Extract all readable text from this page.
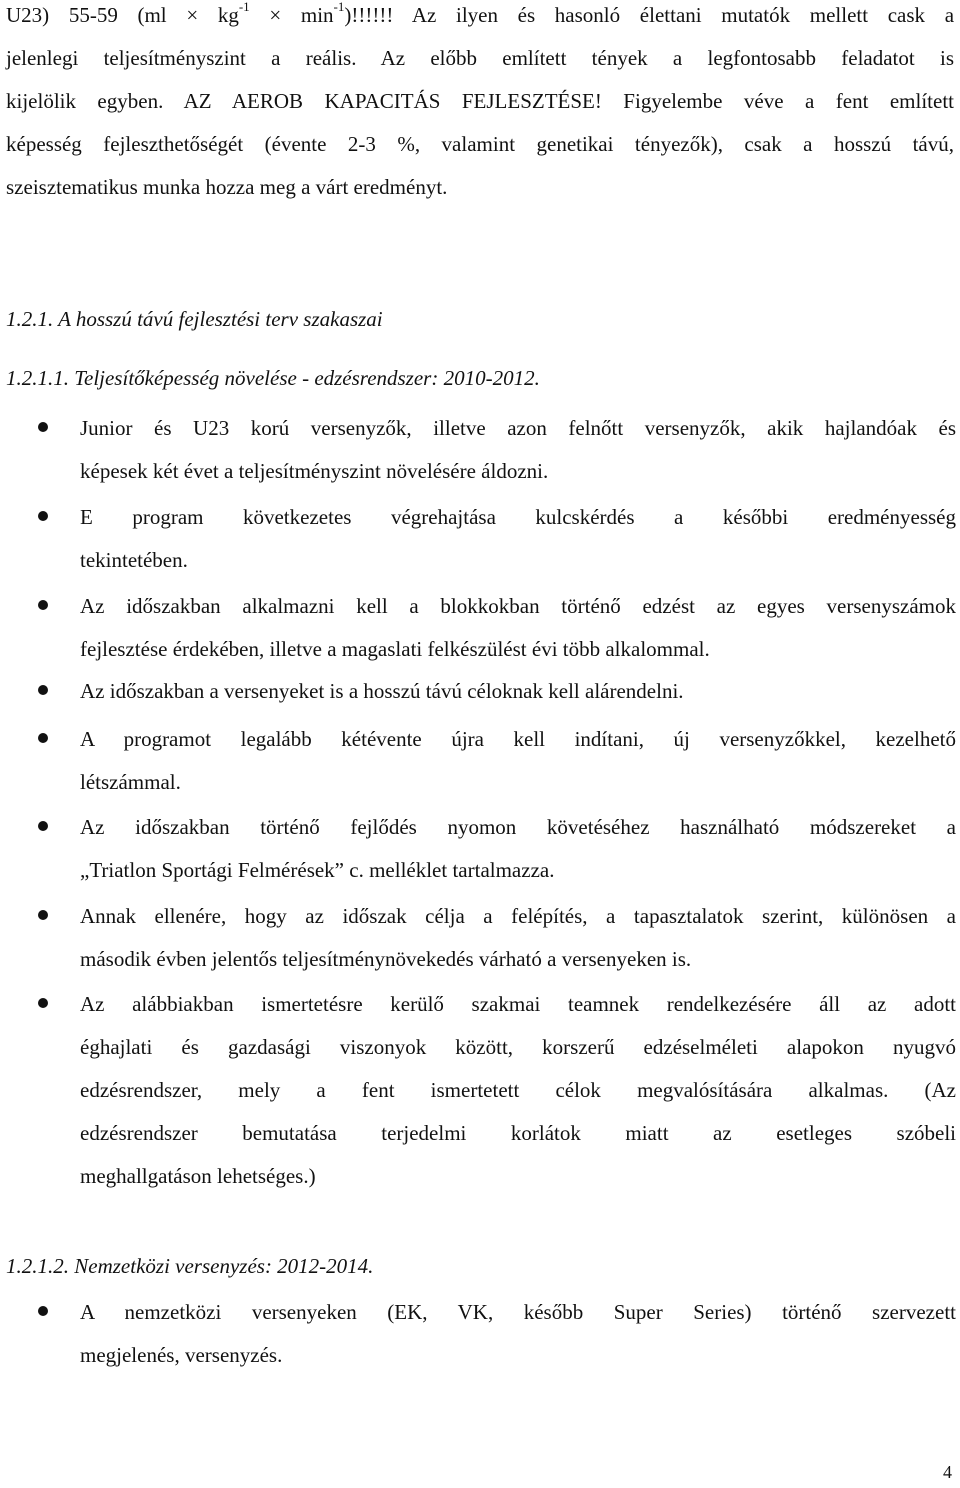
U23) 55-59 $(ml \times kg^{-1} \times \min^{-1})$!!!!!! Az ilyen és hasonló élettani mutatók mellett cask a
jelenlegi teljesítményszint a reális. Az előbb említett tények a legfontosabb feladatot is
kijelölik egyben. AZ AEROB KAPACITÁS FEJLESZTÉSE! Figyelembe véve a fent említett
képesség fejleszthetőségét (évente 2-3 %, valamint genetikai tényezők), csak a hosszú távú,
szeisztematikus munka hozza meg a várt eredményt.
1.2.1. A hosszú távú fejlesztési terv szakaszai
1.2.1.1. Teljesítőképesség növelése - edzésrendszer: 2010-2012.
Junior és U23 korú versenyzők, illetve azon felnőtt versenyzők, akik hajlandóak és
képesek két évet a teljesítményszint növelésére áldozni.
E program következetes végrehajtása kulcskérdés a későbbi eredményesség
tekintetében.
Az időszakban alkalmazni kell a blokkokban történő edzést az egyes versenyszámok
fejlesztése érdekében, illetve a magaslati felkészülést évi több alkalommal.
Az időszakban a versenyeket is a hosszú távú céloknak kell alárendelni.
A programot legalább kétévente újra kell indítani, új versenyzőkkel, kezelhető
létszámmal.
Az időszakban történő fejlődés nyomon követéséhez használható módszereket a
„Triatlon Sportági Felmérések” c. melléklet tartalmazza.
Annak ellenére, hogy az időszak célja a felépítés, a tapasztalatok szerint, különösen a
második évben jelentős teljesítménynövekedés várható a versenyeken is.
Az alábbiakban ismertetésre kerülő szakmai teamnek rendelkezésére áll az adott
éghajlati és gazdasági viszonyok között, korszerű edzéselméleti alapokon nyugvó
edzésrendszer, mely a fent ismertetett célok megvalósítására alkalmas. (Az
edzésrendszer bemutatása terjedelmi korlátok miatt az esetleges szóbeli
meghallgatáson lehetséges.)
1.2.1.2. Nemzetközi versenyzés: 2012-2014.
A nemzetközi versenyeken (EK, VK, később Super Series) történő szervezett
megjelenés, versenyzés.
4
